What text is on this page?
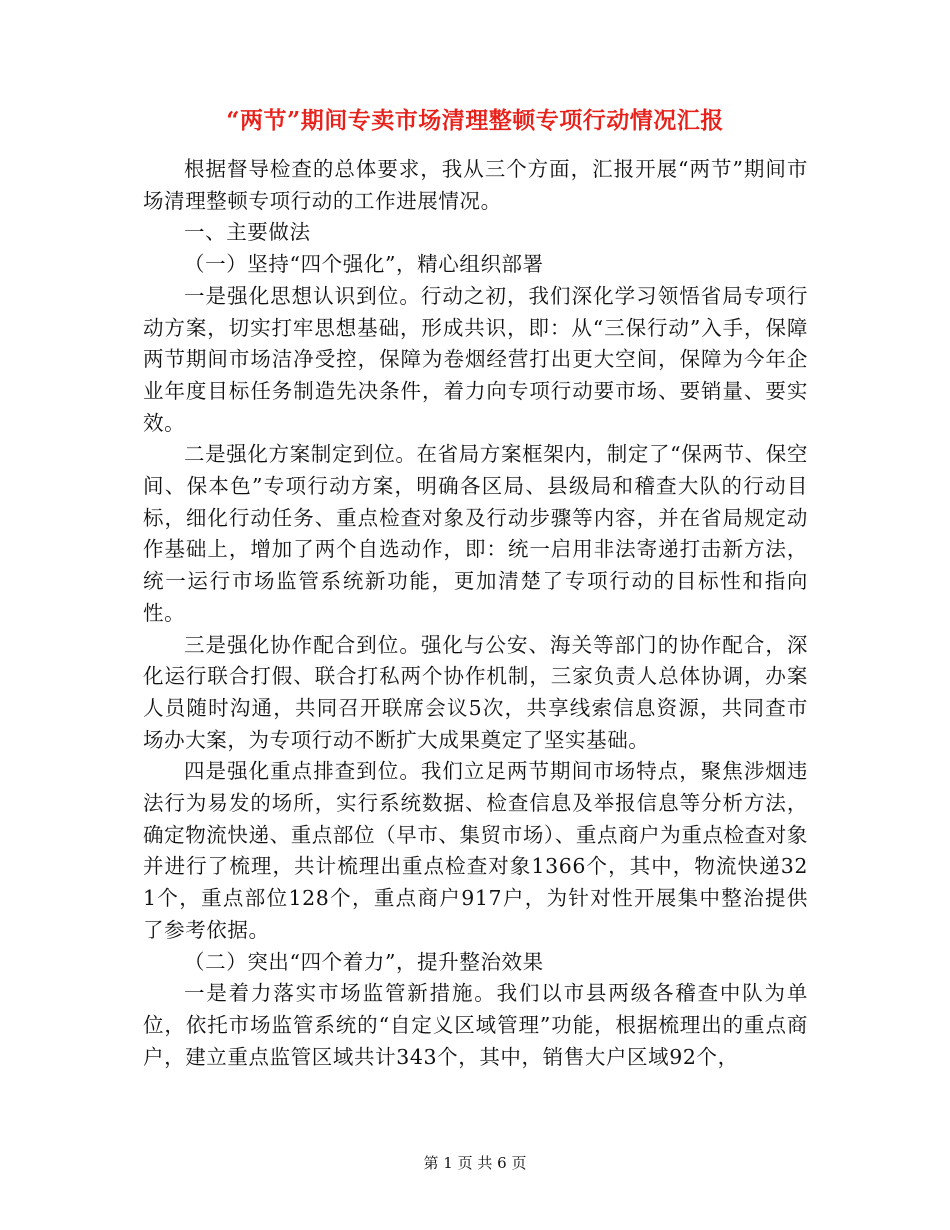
“两节”期间专卖市场清理整顿专项行动情况汇报

根据督导检查的总体要求，我从三个方面，汇报开展“两节”期间市场清理整顿专项行动的工作进展情况。

一、主要做法

（一）坚持“四个强化”，精心组织部署

一是强化思想认识到位。行动之初，我们深化学习领悟省局专项行动方案，切实打牢思想基础，形成共识，即：从“三保行动”入手，保障两节期间市场洁净受控，保障为卷烟经营打出更大空间，保障为今年企业年度目标任务制造先决条件，着力向专项行动要市场、要销量、要实效。

二是强化方案制定到位。在省局方案框架内，制定了“保两节、保空间、保本色”专项行动方案，明确各区局、县级局和稽查大队的行动目标，细化行动任务、重点检查对象及行动步骤等内容，并在省局规定动作基础上，增加了两个自选动作，即：统一启用非法寄递打击新方法，统一运行市场监管系统新功能，更加清楚了专项行动的目标性和指向性。

三是强化协作配合到位。强化与公安、海关等部门的协作配合，深化运行联合打假、联合打私两个协作机制，三家负责人总体协调，办案人员随时沟通，共同召开联席会议5次，共享线索信息资源，共同查市场办大案，为专项行动不断扩大成果奠定了坚实基础。

四是强化重点排查到位。我们立足两节期间市场特点，聚焦涉烟违法行为易发的场所，实行系统数据、检查信息及举报信息等分析方法，确定物流快递、重点部位（早市、集贸市场）、重点商户为重点检查对象并进行了梳理，共计梳理出重点检查对象1366个，其中，物流快递321个，重点部位128个，重点商户917户，为针对性开展集中整治提供了参考依据。

（二）突出“四个着力”，提升整治效果

一是着力落实市场监管新措施。我们以市县两级各稽查中队为单位，依托市场监管系统的“自定义区域管理”功能，根据梳理出的重点商户，建立重点监管区域共计343个，其中，销售大户区域92个，

第 1 页 共 6 页
